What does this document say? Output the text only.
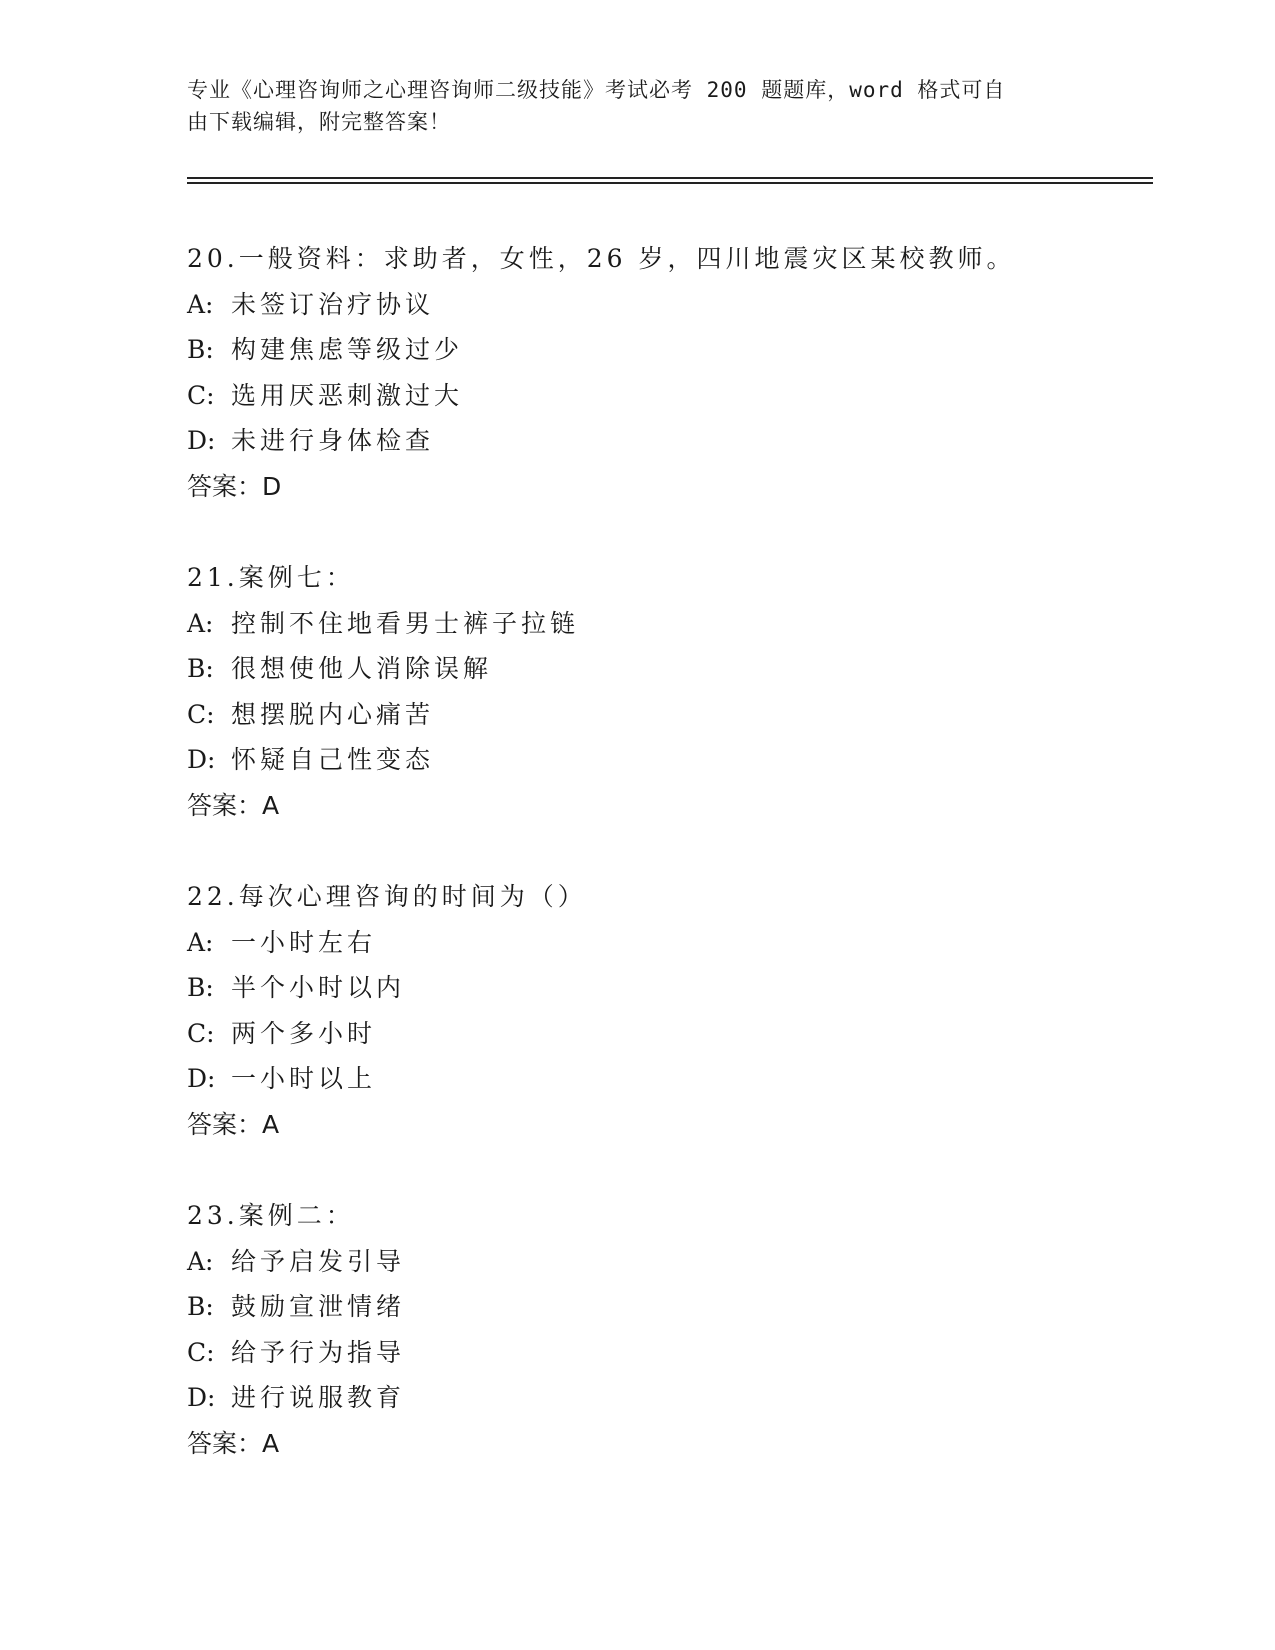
专业《心理咨询师之心理咨询师二级技能》考试必考 200 题题库，word 格式可自

由下载编辑，附完整答案！

20.一般资料：求助者，女性，26 岁，四川地震灾区某校教师。
A: 未签订治疗协议
B: 构建焦虑等级过少
C: 选用厌恶刺激过大
D: 未进行身体检查
答案：D
21.案例七：
A: 控制不住地看男士裤子拉链
B: 很想使他人消除误解
C: 想摆脱内心痛苦
D: 怀疑自己性变态
答案：A
22.每次心理咨询的时间为（）
A: 一小时左右
B: 半个小时以内
C: 两个多小时
D: 一小时以上
答案：A
23.案例二：
A: 给予启发引导
B: 鼓励宣泄情绪
C: 给予行为指导
D: 进行说服教育
答案：A
